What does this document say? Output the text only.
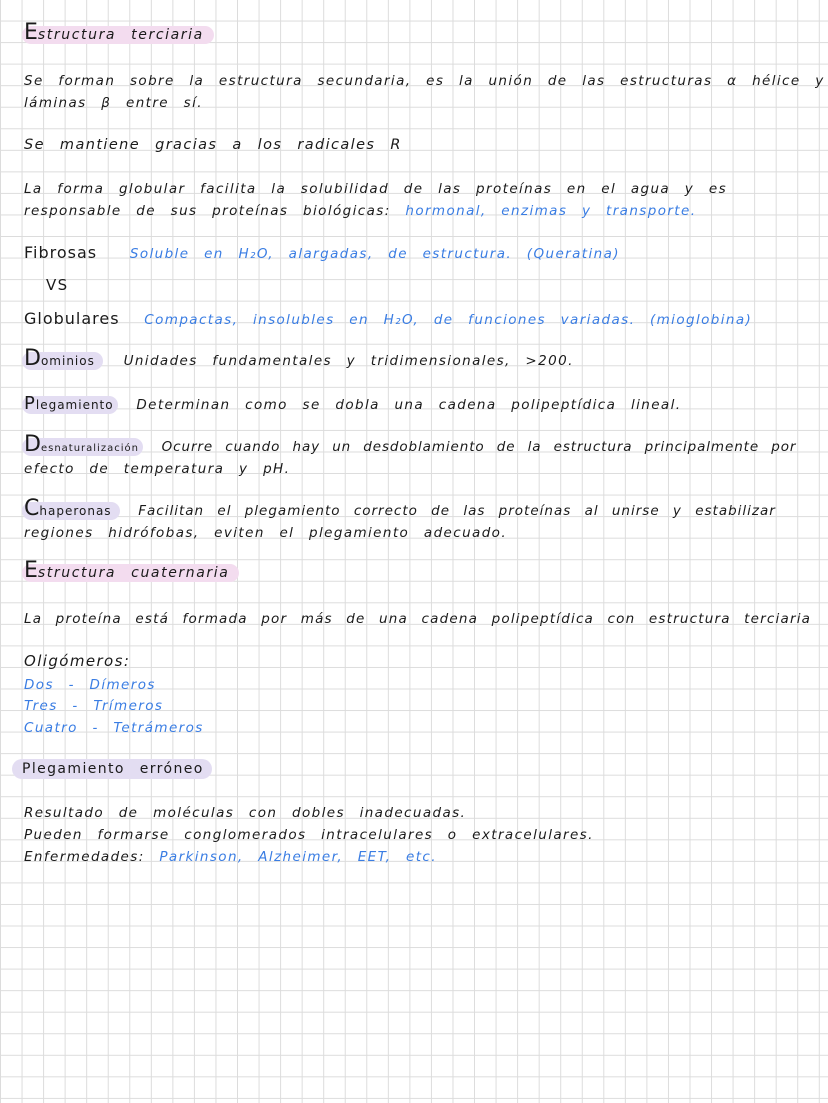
Estructura terciaria
Se forman sobre la estructura secundaria, es la unión de las estructuras α hélice y
láminas β entre sí.
Se mantiene gracias a los radicales R
La forma globular facilita la solubilidad de las proteínas en el agua y es
responsable de sus proteínas biológicas: hormonal, enzimas y transporte.
Fibrosas Soluble en H₂O, alargadas, de estructura. (Queratina)
VS
Globulares Compactas, insolubles en H₂O, de funciones variadas. (mioglobina)
Dominios Unidades fundamentales y tridimensionales, >200.
Plegamiento Determinan como se dobla una cadena polipeptídica lineal.
Desnaturalización Ocurre cuando hay un desdoblamiento de la estructura principalmente por
efecto de temperatura y pH.
Chaperonas Facilitan el plegamiento correcto de las proteínas al unirse y estabilizar
regiones hidrófobas, eviten el plegamiento adecuado.
Estructura cuaternaria
La proteína está formada por más de una cadena polipeptídica con estructura terciaria
Oligómeros:
Dos - Dímeros
Tres - Trímeros
Cuatro - Tetrámeros
Plegamiento erróneo
Resultado de moléculas con dobles inadecuadas.
Pueden formarse conglomerados intracelulares o extracelulares.
Enfermedades: Parkinson, Alzheimer, EET, etc.
